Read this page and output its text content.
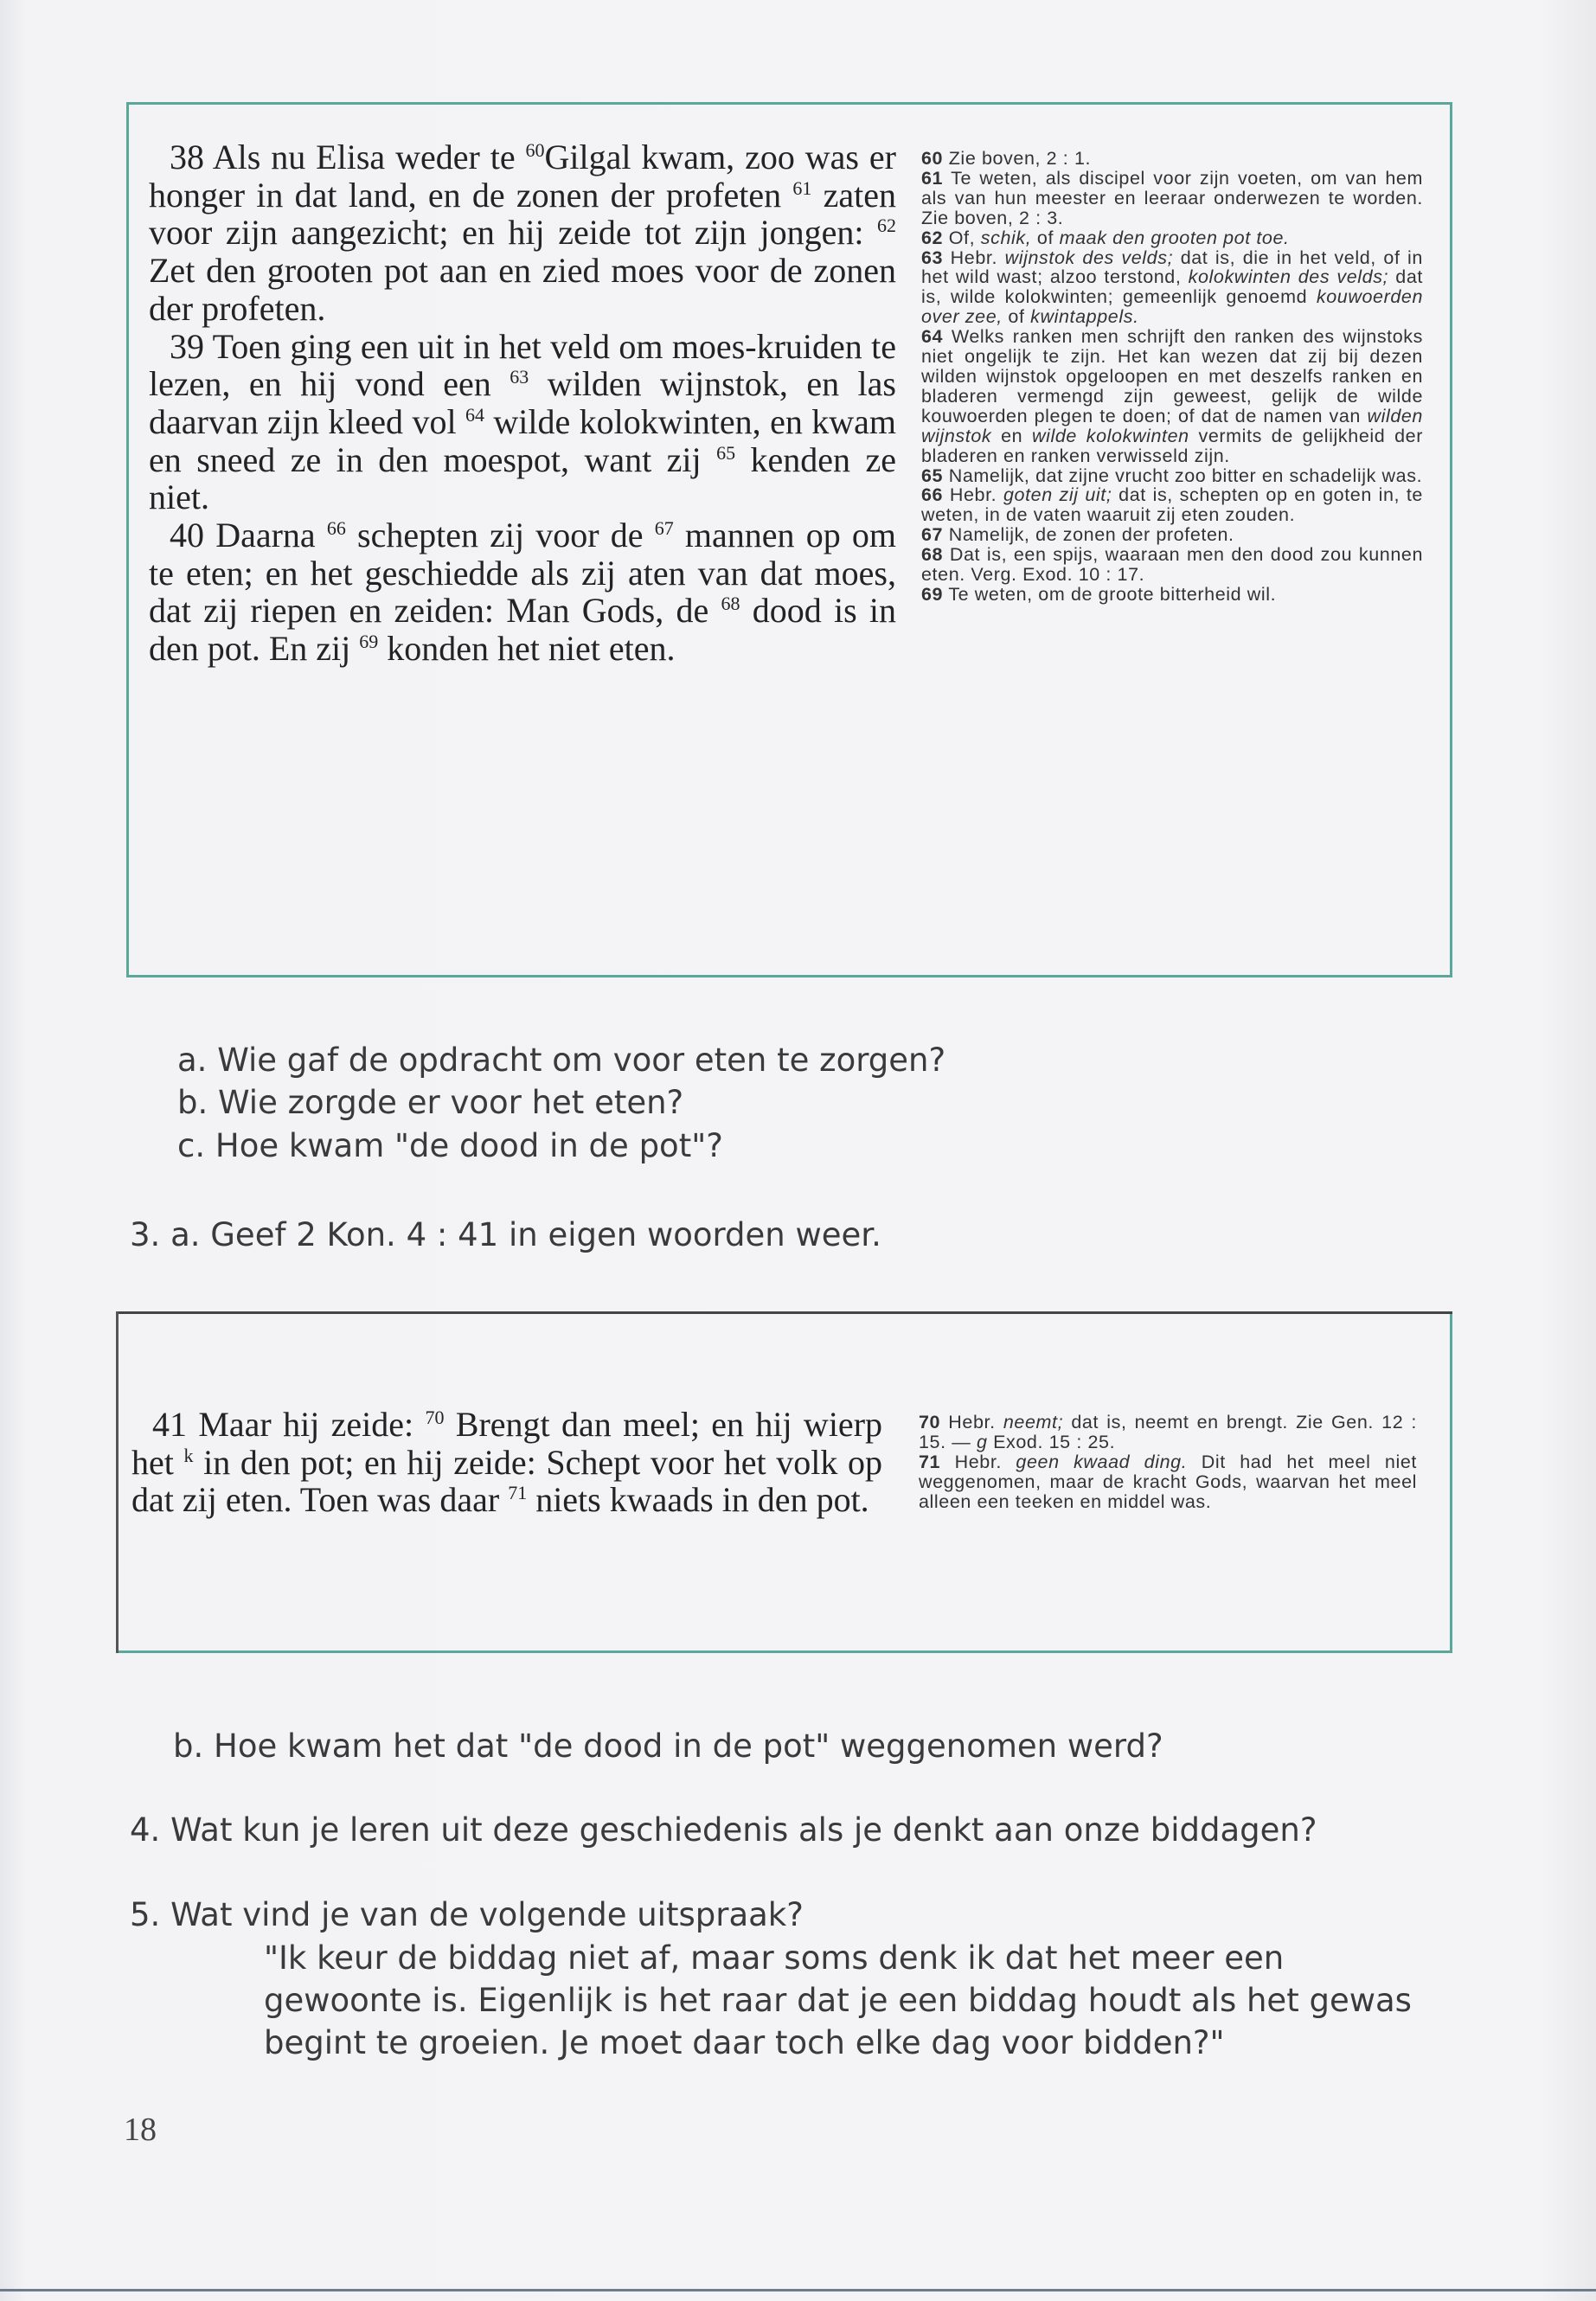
38 Als nu Elisa weder te $^{60}$Gilgal kwam, zoo was er honger in dat land, en de zonen der profeten $^{61}$ zaten voor zijn aangezicht; en hij zeide tot zijn jongen: $^{62}$ Zet den grooten pot aan en zied moes voor de zonen der profeten.

39 Toen ging een uit in het veld om moes-kruiden te lezen, en hij vond een $^{63}$ wilden wijnstok, en las daarvan zijn kleed vol $^{64}$ wilde kolokwinten, en kwam en sneed ze in den moespot, want zij $^{65}$ kenden ze niet.

40 Daarna $^{66}$ schepten zij voor de $^{67}$ mannen op om te eten; en het geschiedde als zij aten van dat moes, dat zij riepen en zeiden: Man Gods, de $^{68}$ dood is in den pot. En zij $^{69}$ konden het niet eten.

60 Zie boven, 2 : 1.

61 Te weten, als discipel voor zijn voeten, om van hem als van hun meester en leeraar onderwezen te worden. Zie boven, 2 : 3.

62 Of, schik, of maak den grooten pot toe.

63 Hebr. wijnstok des velds; dat is, die in het veld, of in het wild wast; alzoo terstond, kolokwinten des velds; dat is, wilde kolokwinten; gemeenlijk genoemd kouwoerden over zee, of kwintappels.

64 Welks ranken men schrijft den ranken des wijnstoks niet ongelijk te zijn. Het kan wezen dat zij bij dezen wilden wijnstok opgeloopen en met deszelfs ranken en bladeren vermengd zijn geweest, gelijk de wilde kouwoerden plegen te doen; of dat de namen van wilden wijnstok en wilde kolokwinten vermits de gelijkheid der bladeren en ranken verwisseld zijn.

65 Namelijk, dat zijne vrucht zoo bitter en schadelijk was.

66 Hebr. goten zij uit; dat is, schepten op en goten in, te weten, in de vaten waaruit zij eten zouden.

67 Namelijk, de zonen der profeten.

68 Dat is, een spijs, waaraan men den dood zou kunnen eten. Verg. Exod. 10 : 17.

69 Te weten, om de groote bitterheid wil.

a. Wie gaf de opdracht om voor eten te zorgen?
b. Wie zorgde er voor het eten?
c. Hoe kwam "de dood in de pot"?
3. a. Geef 2 Kon. 4 : 41 in eigen woorden weer.

41 Maar hij zeide: $^{70}$ Brengt dan meel; en hij wierp het $^k$ in den pot; en hij zeide: Schept voor het volk op dat zij eten. Toen was daar $^{71}$ niets kwaads in den pot.

70 Hebr. neemt; dat is, neemt en brengt. Zie Gen. 12 : 15. — g Exod. 15 : 25.

71 Hebr. geen kwaad ding. Dit had het meel niet weggenomen, maar de kracht Gods, waarvan het meel alleen een teeken en middel was.

b. Hoe kwam het dat "de dood in de pot" weggenomen werd?
4. Wat kun je leren uit deze geschiedenis als je denkt aan onze biddagen?
5. Wat vind je van de volgende uitspraak?
"Ik keur de biddag niet af, maar soms denk ik dat het meer een
gewoonte is. Eigenlijk is het raar dat je een biddag houdt als het gewas
begint te groeien. Je moet daar toch elke dag voor bidden?"
18
